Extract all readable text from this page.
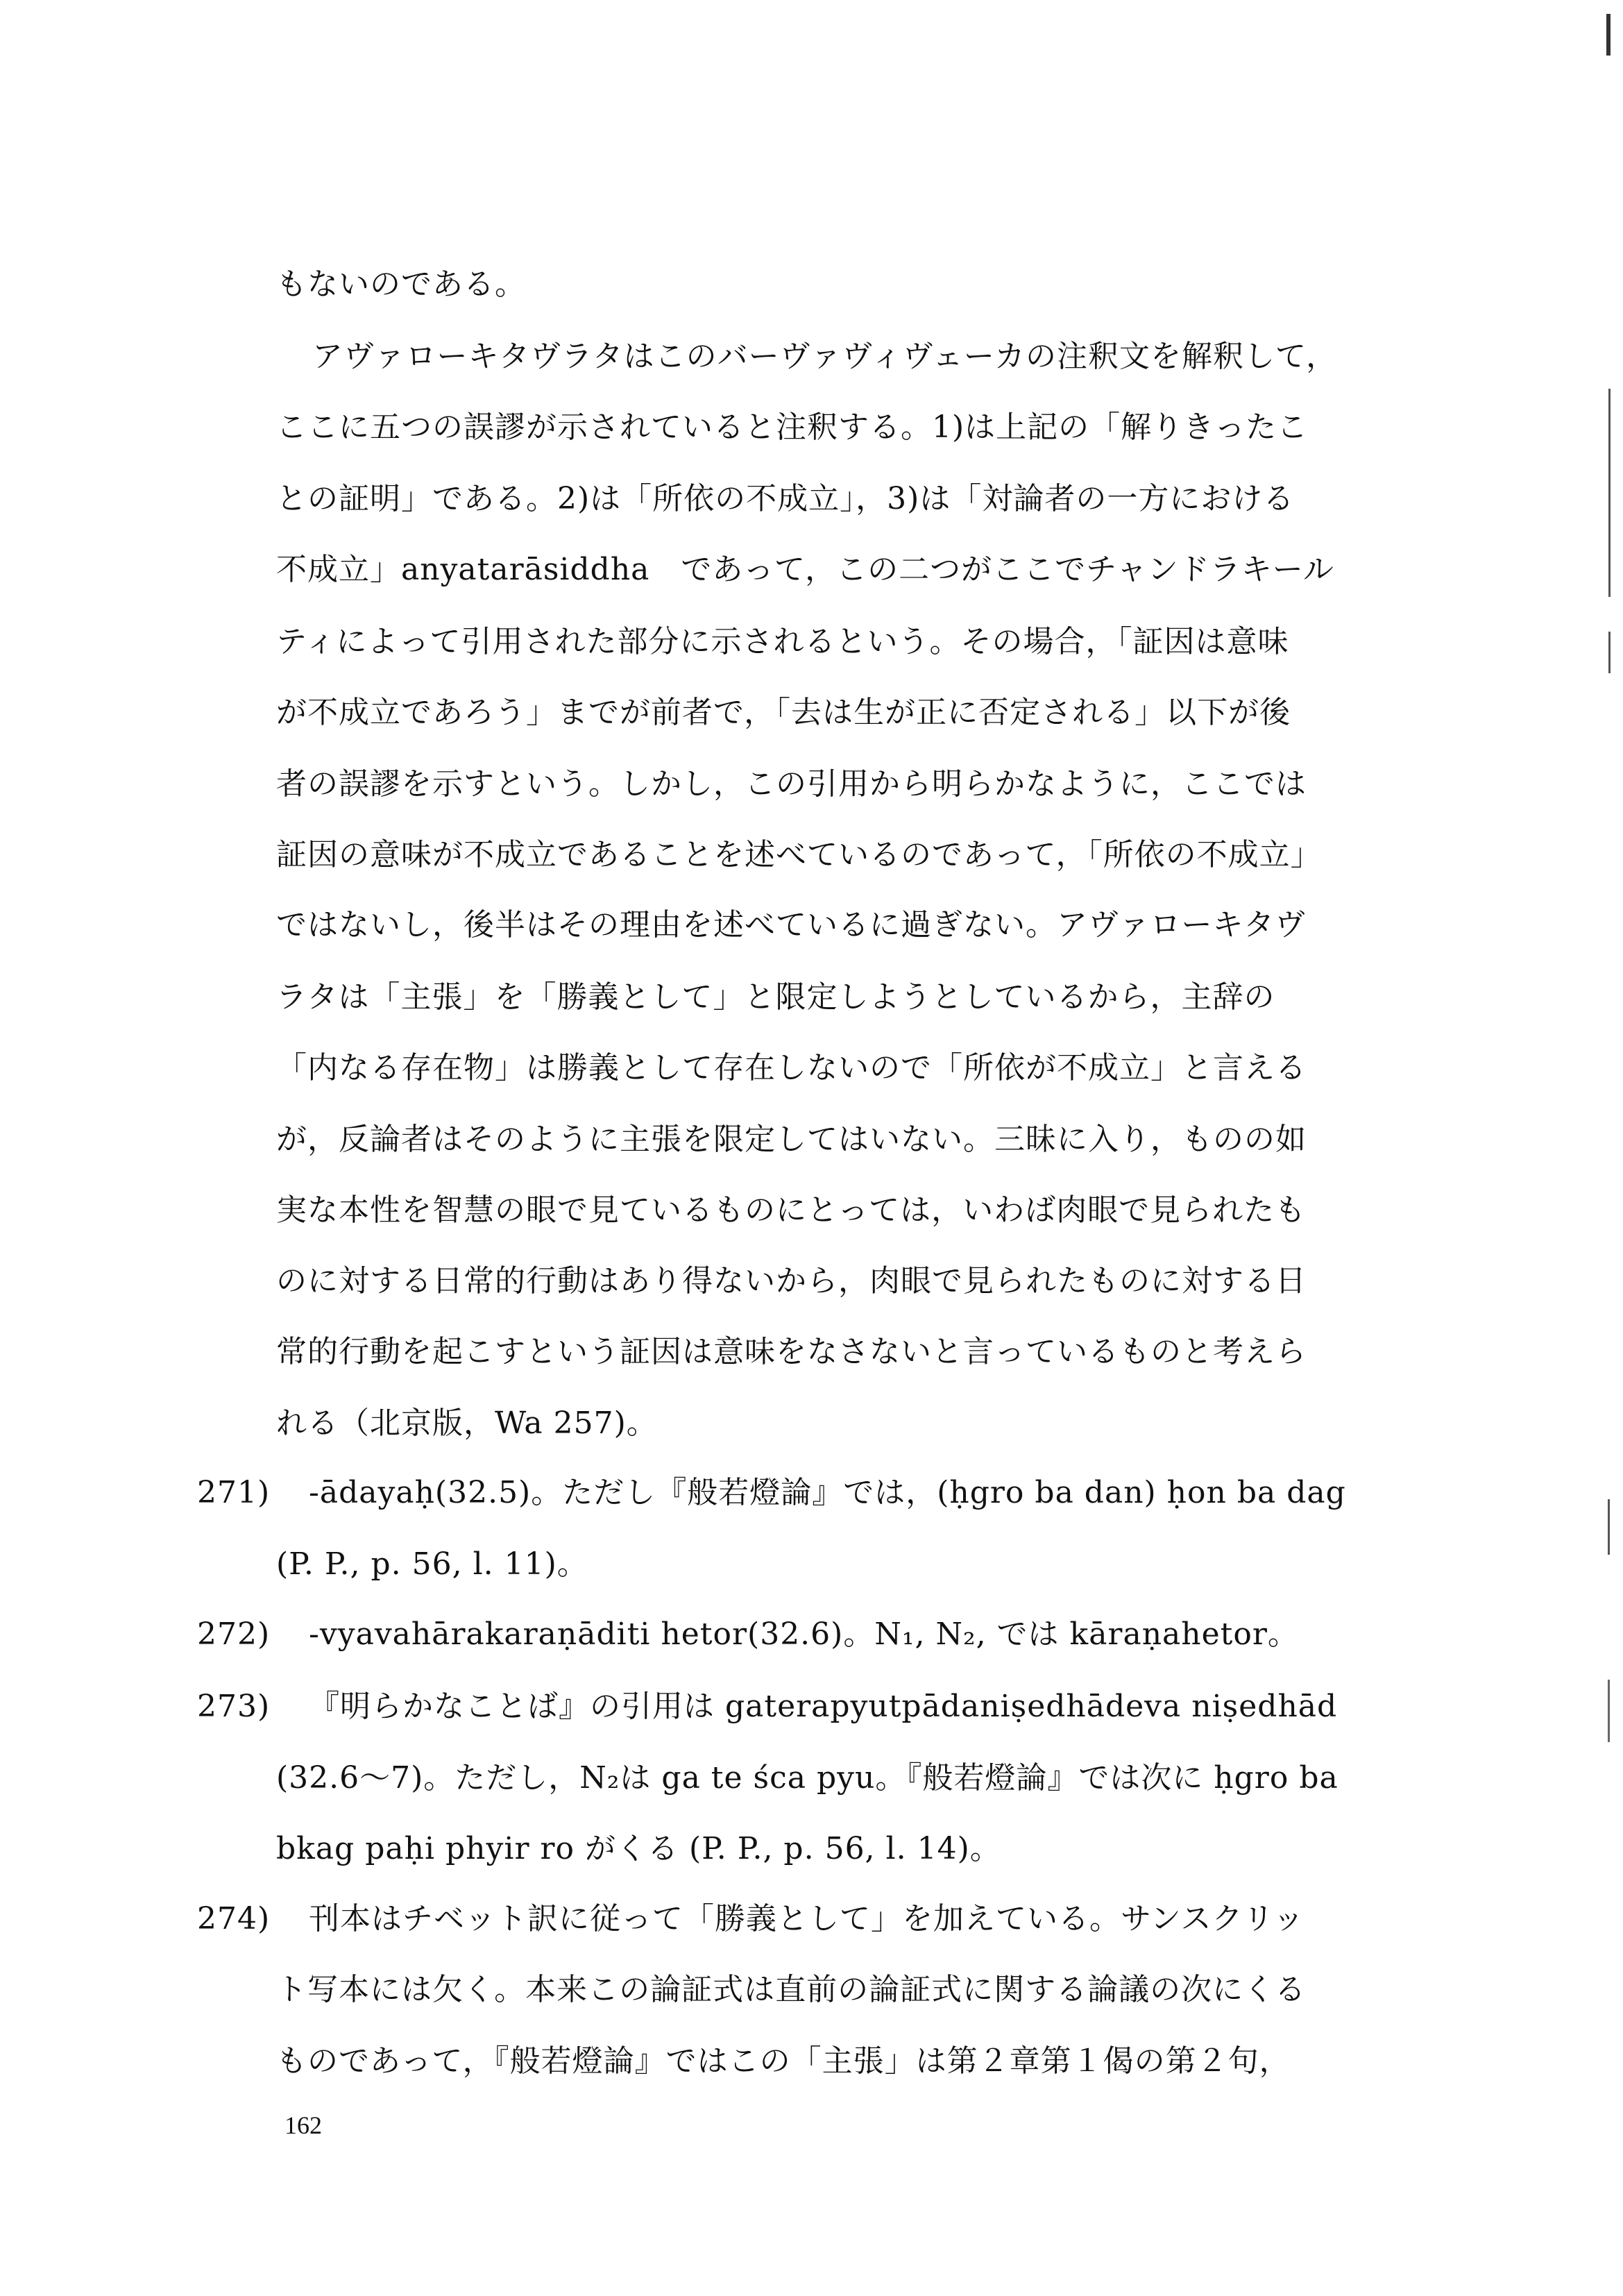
もないのである。
アヴァローキタヴラタはこのバーヴァヴィヴェーカの注釈文を解釈して，
ここに五つの誤謬が示されていると注釈する。1)は上記の「解りきったこ
との証明」である。2)は「所依の不成立」，3)は「対論者の一方における
不成立」anyatarāsiddha　であって，この二つがここでチャンドラキール
ティによって引用された部分に示されるという。その場合，「証因は意味
が不成立であろう」までが前者で，「去は生が正に否定される」以下が後
者の誤謬を示すという。しかし，この引用から明らかなように，ここでは
証因の意味が不成立であることを述べているのであって，「所依の不成立」
ではないし，後半はその理由を述べているに過ぎない。アヴァローキタヴ
ラタは「主張」を「勝義として」と限定しようとしているから，主辞の
「内なる存在物」は勝義として存在しないので「所依が不成立」と言える
が，反論者はそのように主張を限定してはいない。三昧に入り，ものの如
実な本性を智慧の眼で見ているものにとっては，いわば肉眼で見られたも
のに対する日常的行動はあり得ないから，肉眼で見られたものに対する日
常的行動を起こすという証因は意味をなさないと言っているものと考えら
れる（北京版，Wa 257)。
271) -ādayaḥ(32.5)。ただし『般若燈論』では，(ḥgro ba dan) ḥon ba dag
(P. P., p. 56, l. 11)。
272) -vyavahārakaraṇāditi hetor(32.6)。N₁, N₂, では kāraṇahetor。
273) 『明らかなことば』の引用は gaterapyutpādaniṣedhādeva niṣedhād
(32.6〜7)。ただし，N₂は ga te śca pyu。『般若燈論』では次に ḥgro ba
bkag paḥi phyir ro がくる (P. P., p. 56, l. 14)。
274) 刊本はチベット訳に従って「勝義として」を加えている。サンスクリッ
ト写本には欠く。本来この論証式は直前の論証式に関する論議の次にくる
ものであって，『般若燈論』ではこの「主張」は第２章第１偈の第２句，
162
